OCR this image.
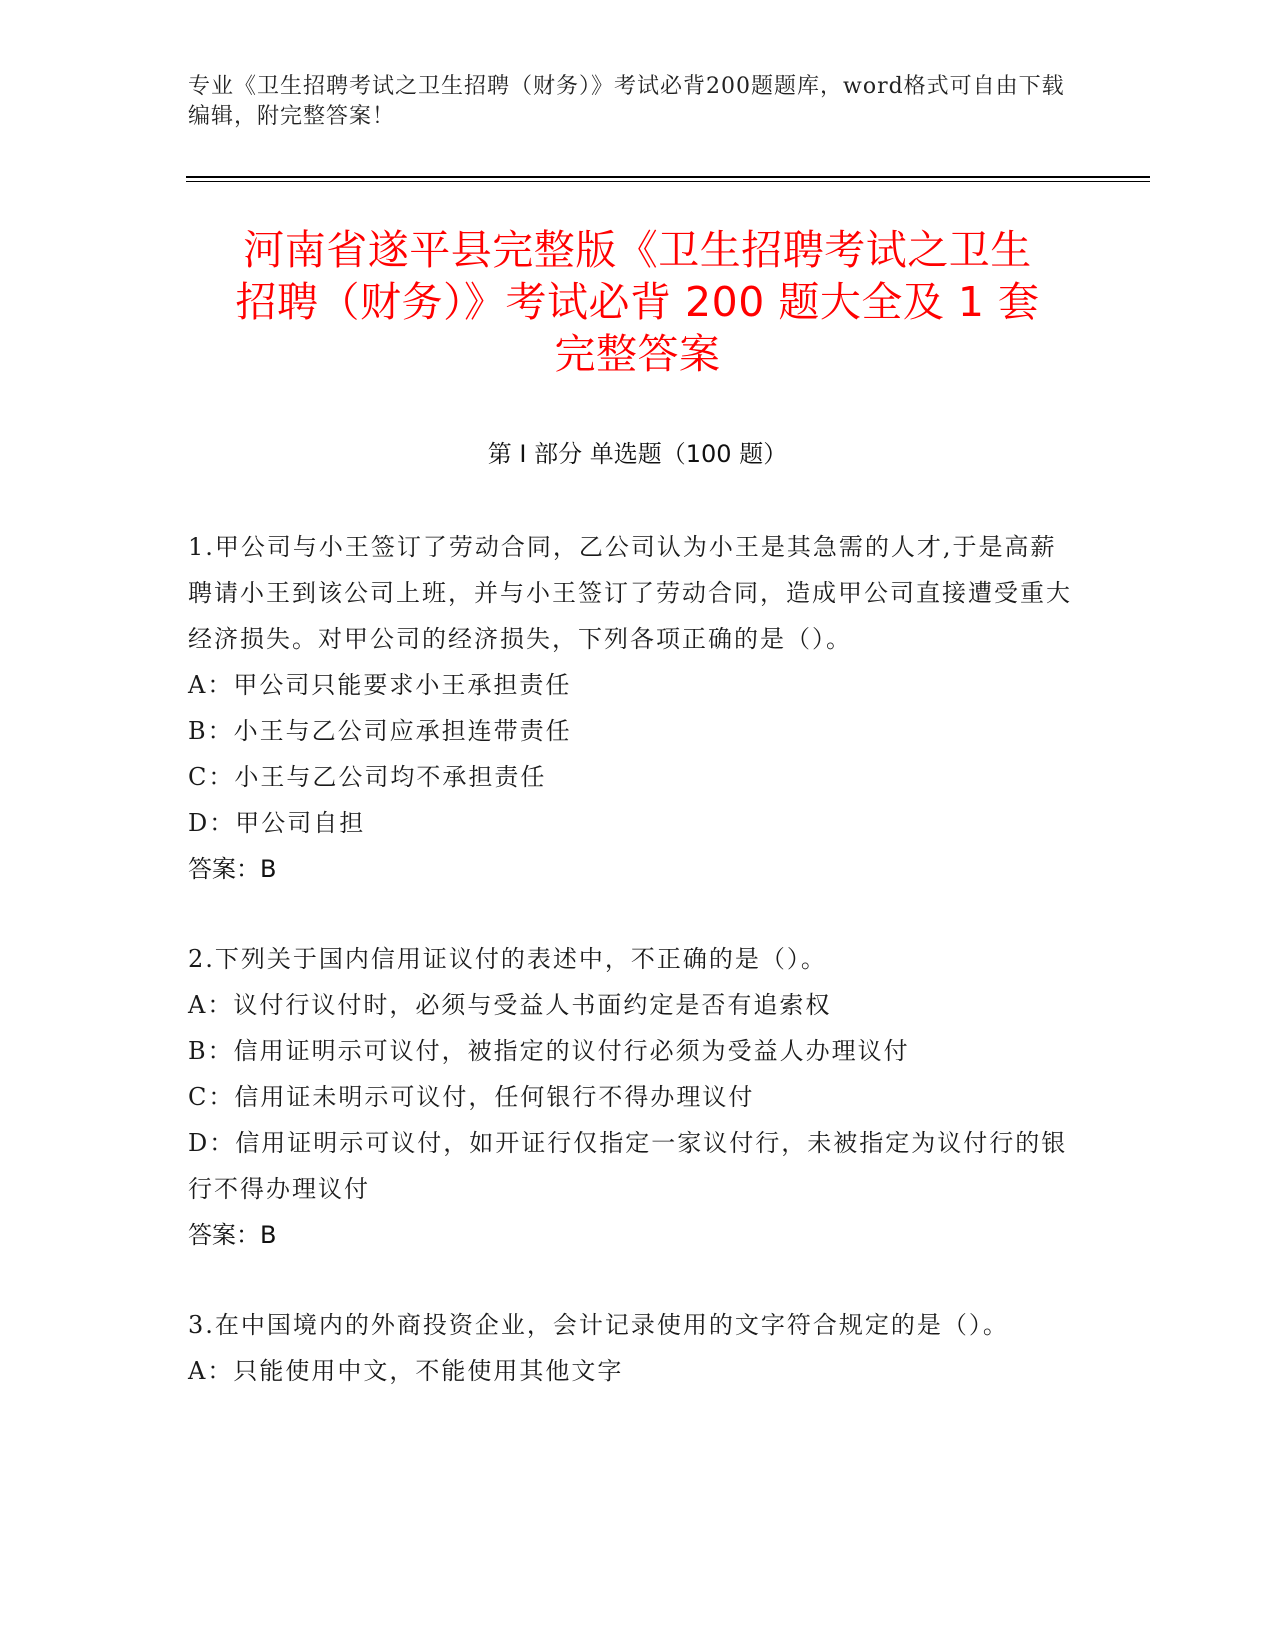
专业《卫生招聘考试之卫生招聘（财务）》考试必背200题题库，word格式可自由下载编辑，附完整答案！
河南省遂平县完整版《卫生招聘考试之卫生
招聘（财务）》考试必背 200 题大全及 1 套
完整答案
第 I 部分 单选题（100 题）

1.甲公司与小王签订了劳动合同，乙公司认为小王是其急需的人才,于是高薪聘请小王到该公司上班，并与小王签订了劳动合同，造成甲公司直接遭受重大经济损失。对甲公司的经济损失，下列各项正确的是（）。

A：甲公司只能要求小王承担责任

B：小王与乙公司应承担连带责任

C：小王与乙公司均不承担责任

D：甲公司自担

答案：B

2.下列关于国内信用证议付的表述中，不正确的是（）。

A：议付行议付时，必须与受益人书面约定是否有追索权

B：信用证明示可议付，被指定的议付行必须为受益人办理议付

C：信用证未明示可议付，任何银行不得办理议付

D：信用证明示可议付，如开证行仅指定一家议付行，未被指定为议付行的银行不得办理议付

答案：B

3.在中国境内的外商投资企业，会计记录使用的文字符合规定的是（）。

A：只能使用中文，不能使用其他文字
